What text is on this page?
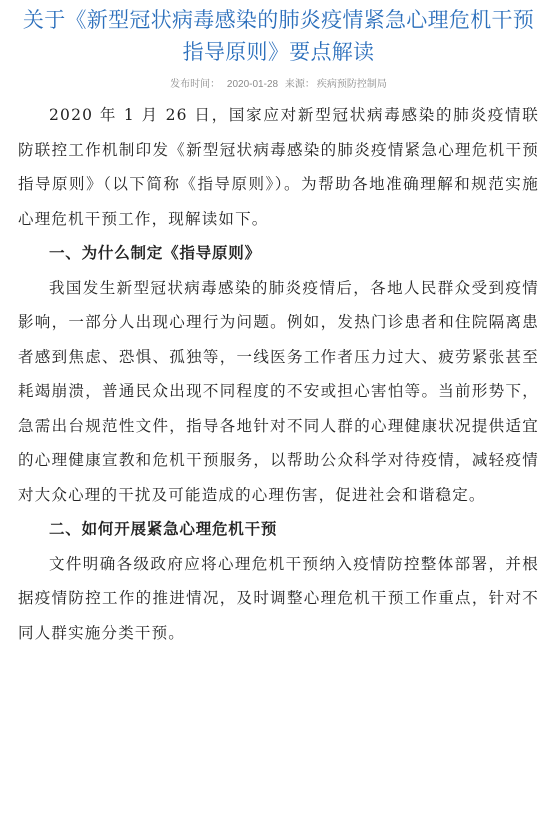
关于《新型冠状病毒感染的肺炎疫情紧急心理危机干预指导原则》要点解读
发布时间： 2020-01-28 来源： 疾病预防控制局

2020 年 1 月 26 日，国家应对新型冠状病毒感染的肺炎疫情联防联控工作机制印发《新型冠状病毒感染的肺炎疫情紧急心理危机干预指导原则》（以下简称《指导原则》）。为帮助各地准确理解和规范实施心理危机干预工作，现解读如下。

一、为什么制定《指导原则》

我国发生新型冠状病毒感染的肺炎疫情后，各地人民群众受到疫情影响，一部分人出现心理行为问题。例如，发热门诊患者和住院隔离患者感到焦虑、恐惧、孤独等，一线医务工作者压力过大、疲劳紧张甚至耗竭崩溃，普通民众出现不同程度的不安或担心害怕等。当前形势下，急需出台规范性文件，指导各地针对不同人群的心理健康状况提供适宜的心理健康宣教和危机干预服务，以帮助公众科学对待疫情，减轻疫情对大众心理的干扰及可能造成的心理伤害，促进社会和谐稳定。

二、如何开展紧急心理危机干预

文件明确各级政府应将心理危机干预纳入疫情防控整体部署，并根据疫情防控工作的推进情况，及时调整心理危机干预工作重点，针对不同人群实施分类干预。
